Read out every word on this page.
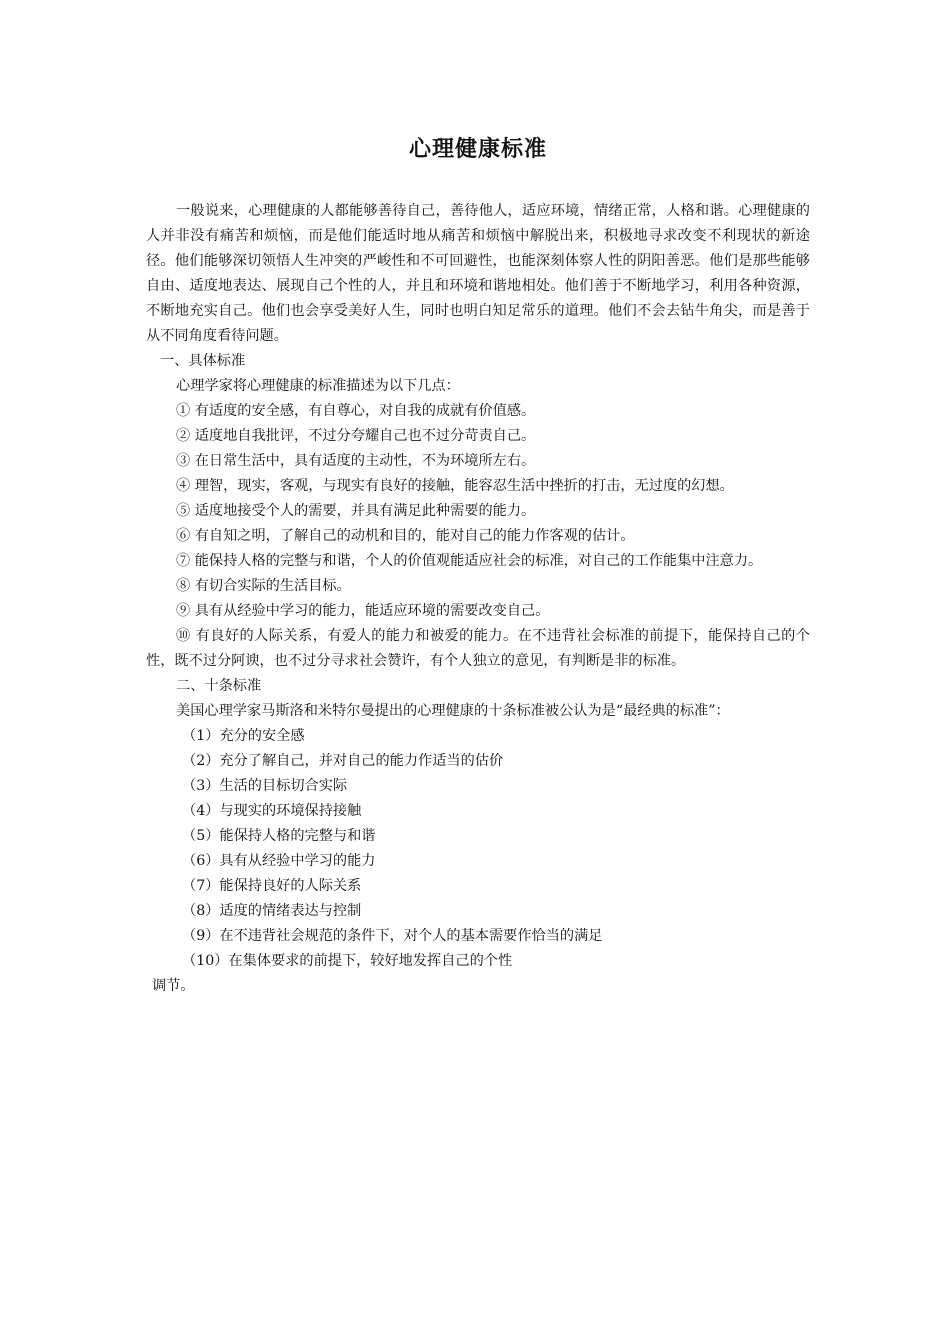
心理健康标准

一般说来，心理健康的人都能够善待自己，善待他人，适应环境，情绪正常，人格和谐。心理健康的人并非没有痛苦和烦恼，而是他们能适时地从痛苦和烦恼中解脱出来，积极地寻求改变不利现状的新途径。他们能够深切领悟人生冲突的严峻性和不可回避性，也能深刻体察人性的阴阳善恶。他们是那些能够自由、适度地表达、展现自己个性的人，并且和环境和谐地相处。他们善于不断地学习，利用各种资源，不断地充实自己。他们也会享受美好人生，同时也明白知足常乐的道理。他们不会去钻牛角尖，而是善于从不同角度看待问题。

一、具体标准

心理学家将心理健康的标准描述为以下几点：

① 有适度的安全感，有自尊心，对自我的成就有价值感。

② 适度地自我批评，不过分夸耀自己也不过分苛责自己。

③ 在日常生活中，具有适度的主动性，不为环境所左右。

④ 理智，现实，客观，与现实有良好的接触，能容忍生活中挫折的打击，无过度的幻想。

⑤ 适度地接受个人的需要，并具有满足此种需要的能力。

⑥ 有自知之明，了解自己的动机和目的，能对自己的能力作客观的估计。

⑦ 能保持人格的完整与和谐，个人的价值观能适应社会的标准，对自己的工作能集中注意力。

⑧ 有切合实际的生活目标。

⑨ 具有从经验中学习的能力，能适应环境的需要改变自己。

⑩ 有良好的人际关系，有爱人的能力和被爱的能力。在不违背社会标准的前提下，能保持自己的个性，既不过分阿谀，也不过分寻求社会赞许，有个人独立的意见，有判断是非的标准。

二、十条标准

美国心理学家马斯洛和米特尔曼提出的心理健康的十条标准被公认为是“最经典的标准”：

（1）充分的安全感

（2）充分了解自己，并对自己的能力作适当的估价

（3）生活的目标切合实际

（4）与现实的环境保持接触

（5）能保持人格的完整与和谐

（6）具有从经验中学习的能力

（7）能保持良好的人际关系

（8）适度的情绪表达与控制

（9）在不违背社会规范的条件下，对个人的基本需要作恰当的满足

（10）在集体要求的前提下，较好地发挥自己的个性

调节。
